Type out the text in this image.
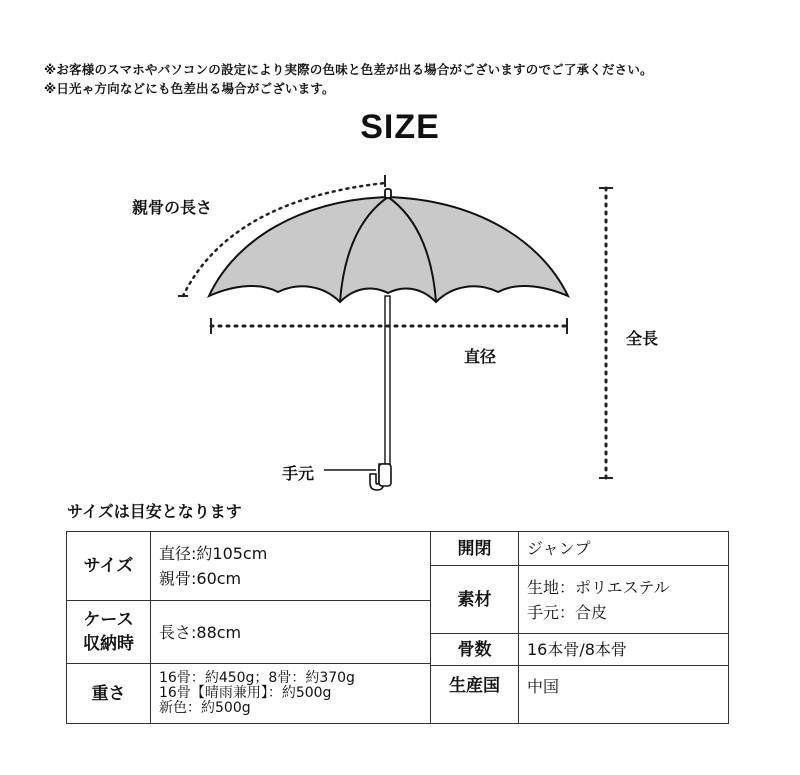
※お客様のスマホやパソコンの設定により実際の色味と色差が出る場合がございますのでご了承ください。
※日光ゃ方向などにも色差出る場合がございます。
SIZE
親骨の長さ
直径
全長
手元
サイズは目安となります
サイズ	直径:約105cm
親骨:60cm

ケース
収納時	長さ:88cm
重さ	16骨：約450g；8骨：約370g
16骨【晴雨兼用】：約500g
新色：約500g
開閉	ジャンプ
素材	生地：ポリエステル
手元：合皮

骨数	16本骨/8本骨
生産国	中国
